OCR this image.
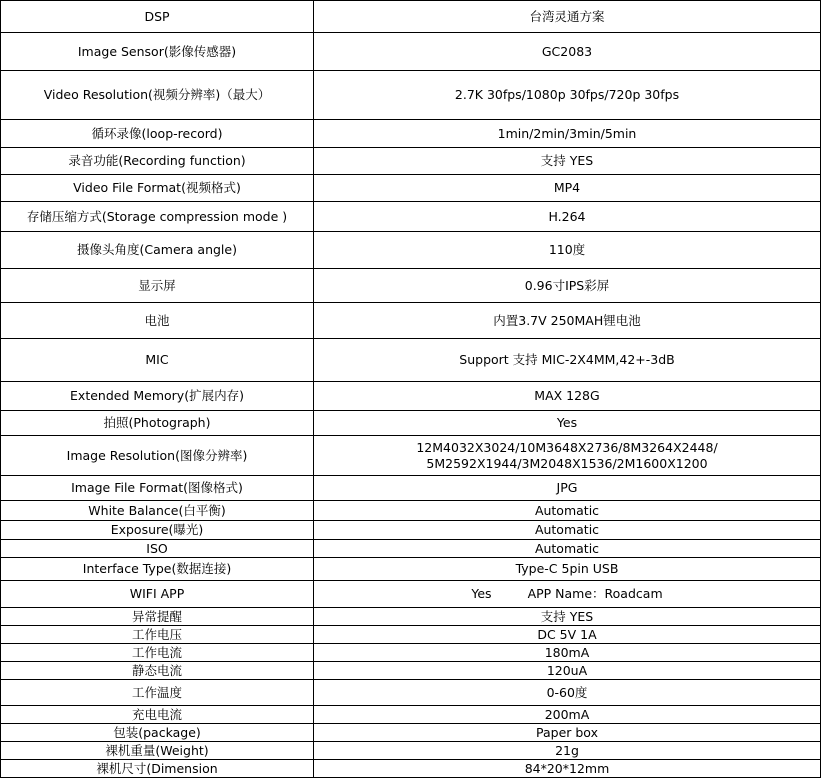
DSP	台湾灵通方案
Image Sensor(影像传感器)	GC2083
Video Resolution(视频分辨率)（最大）	2.7K 30fps/1080p 30fps/720p 30fps
循环录像(loop-record)	1min/2min/3min/5min
录音功能(Recording function)	支持 YES
Video File Format(视频格式)	MP4
存储压缩方式(Storage compression mode )	H.264
摄像头角度(Camera angle)	110度
显示屏	0.96寸IPS彩屏
电池	内置3.7V 250MAH锂电池
MIC	Support 支持 MIC-2X4MM,42+-3dB
Extended Memory(扩展内存)	MAX 128G
拍照(Photograph)	Yes
Image Resolution(图像分辨率)	12M4032X3024/10M3648X2736/8M3264X2448/
5M2592X1944/3M2048X1536/2M1600X1200

Image File Format(图像格式)	JPG
White Balance(白平衡)	Automatic
Exposure(曝光)	Automatic
ISO	Automatic
Interface Type(数据连接)	Type-C 5pin USB
WIFI APP	Yes APP Name：Roadcam
异常提醒	支持 YES
工作电压	DC 5V 1A
工作电流	180mA
静态电流	120uA
工作温度	0-60度
充电电流	200mA
包装(package)	Paper box
裸机重量(Weight)	21g
裸机尺寸(Dimension	84*20*12mm
